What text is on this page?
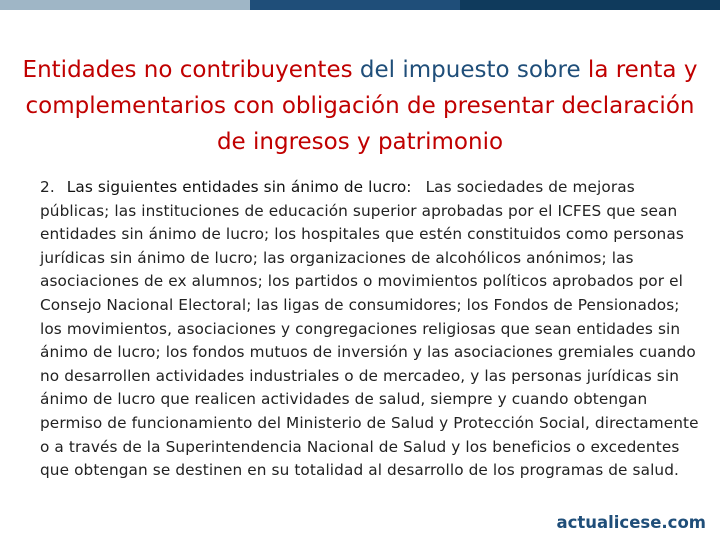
Entidades no contribuyentes del impuesto sobre la renta y complementarios con obligación de presentar declaración de ingresos y patrimonio
2. Las siguientes entidades sin ánimo de lucro: Las sociedades de mejoras públicas; las instituciones de educación superior aprobadas por el ICFES que sean entidades sin ánimo de lucro; los hospitales que estén constituidos como personas jurídicas sin ánimo de lucro; las organizaciones de alcohólicos anónimos; las asociaciones de ex alumnos; los partidos o movimientos políticos aprobados por el Consejo Nacional Electoral; las ligas de consumidores; los Fondos de Pensionados; los movimientos, asociaciones y congregaciones religiosas que sean entidades sin ánimo de lucro; los fondos mutuos de inversión y las asociaciones gremiales cuando no desarrollen actividades industriales o de mercadeo, y las personas jurídicas sin ánimo de lucro que realicen actividades de salud, siempre y cuando obtengan permiso de funcionamiento del Ministerio de Salud y Protección Social, directamente o a través de la Superintendencia Nacional de Salud y los beneficios o excedentes que obtengan se destinen en su totalidad al desarrollo de los programas de salud.
actualicese.com
